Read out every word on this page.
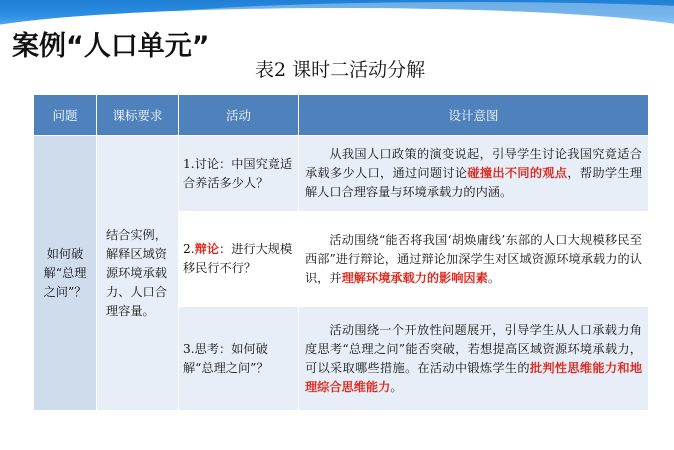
案例“人口单元”
表2 课时二活动分解
问题	课标要求	活动	设计意图
如何破解“总理之问”？	结合实例，解释区域资源环境承载力、人口合理容量。	1.讨论：中国究竟适合养活多少人？	从我国人口政策的演变说起，引导学生讨论我国究竟适合承载多少人口，通过问题讨论碰撞出不同的观点，帮助学生理解人口合理容量与环境承载力的内涵。
		2.辩论：进行大规模移民行不行？	活动围绕“能否将我国‘胡焕庸线’东部的人口大规模移民至西部”进行辩论，通过辩论加深学生对区域资源环境承载力的认识，并理解环境承载力的影响因素。
		3.思考：如何破解“总理之问”？	活动围绕一个开放性问题展开，引导学生从人口承载力角度思考“总理之问”能否突破，若想提高区域资源环境承载力，可以采取哪些措施。在活动中锻炼学生的批判性思维能力和地理综合思维能力。
